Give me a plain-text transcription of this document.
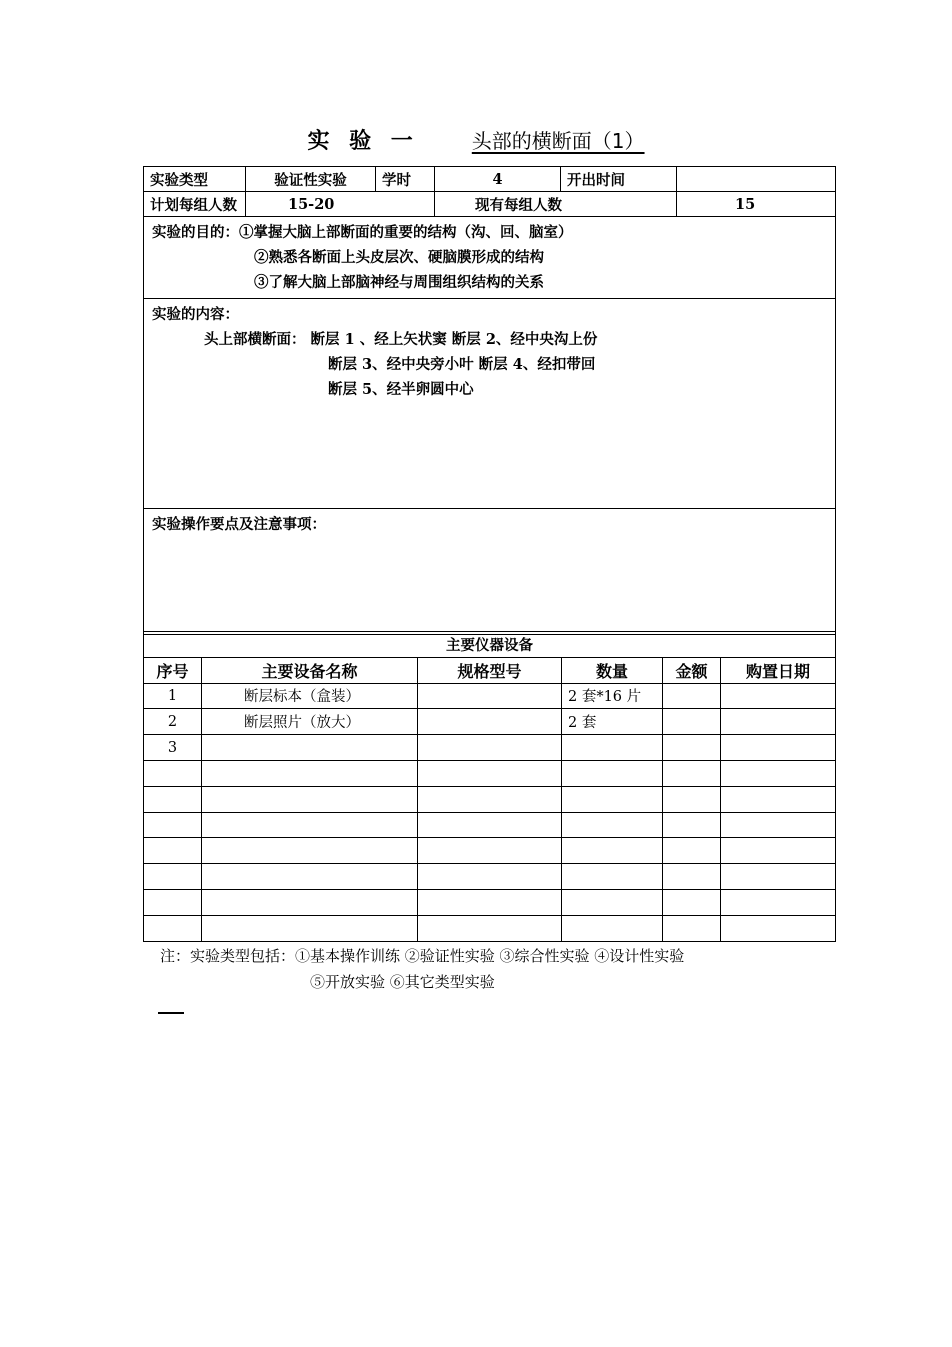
实 验 一	头部的横断面（1）
实验类型	验证性实验	学时	4	开出时间	
计划每组人数	15-20		现有每组人数		15

实验的目的：①掌握大脑上部断面的重要的结构（沟、回、脑室）
②熟悉各断面上头皮层次、硬脑膜形成的结构
③了解大脑上部脑神经与周围组织结构的关系					

实验的内容：
头上部横断面： 断层 1 、经上矢状窦 断层 2、经中央沟上份
断层 3、经中央旁小叶 断层 4、经扣带回
断层 5、经半卵圆中心					

实验操作要点及注意事项：					
主要仪器设备					
序号	主要设备名称	规格型号	数量	金额	购置日期
1	断层标本（盒装）		2 套*16 片		
2	断层照片（放大）		2 套		
3					

注：实验类型包括：①基本操作训练 ②验证性实验 ③综合性实验 ④设计性实验
⑤开放实验 ⑥其它类型实验
